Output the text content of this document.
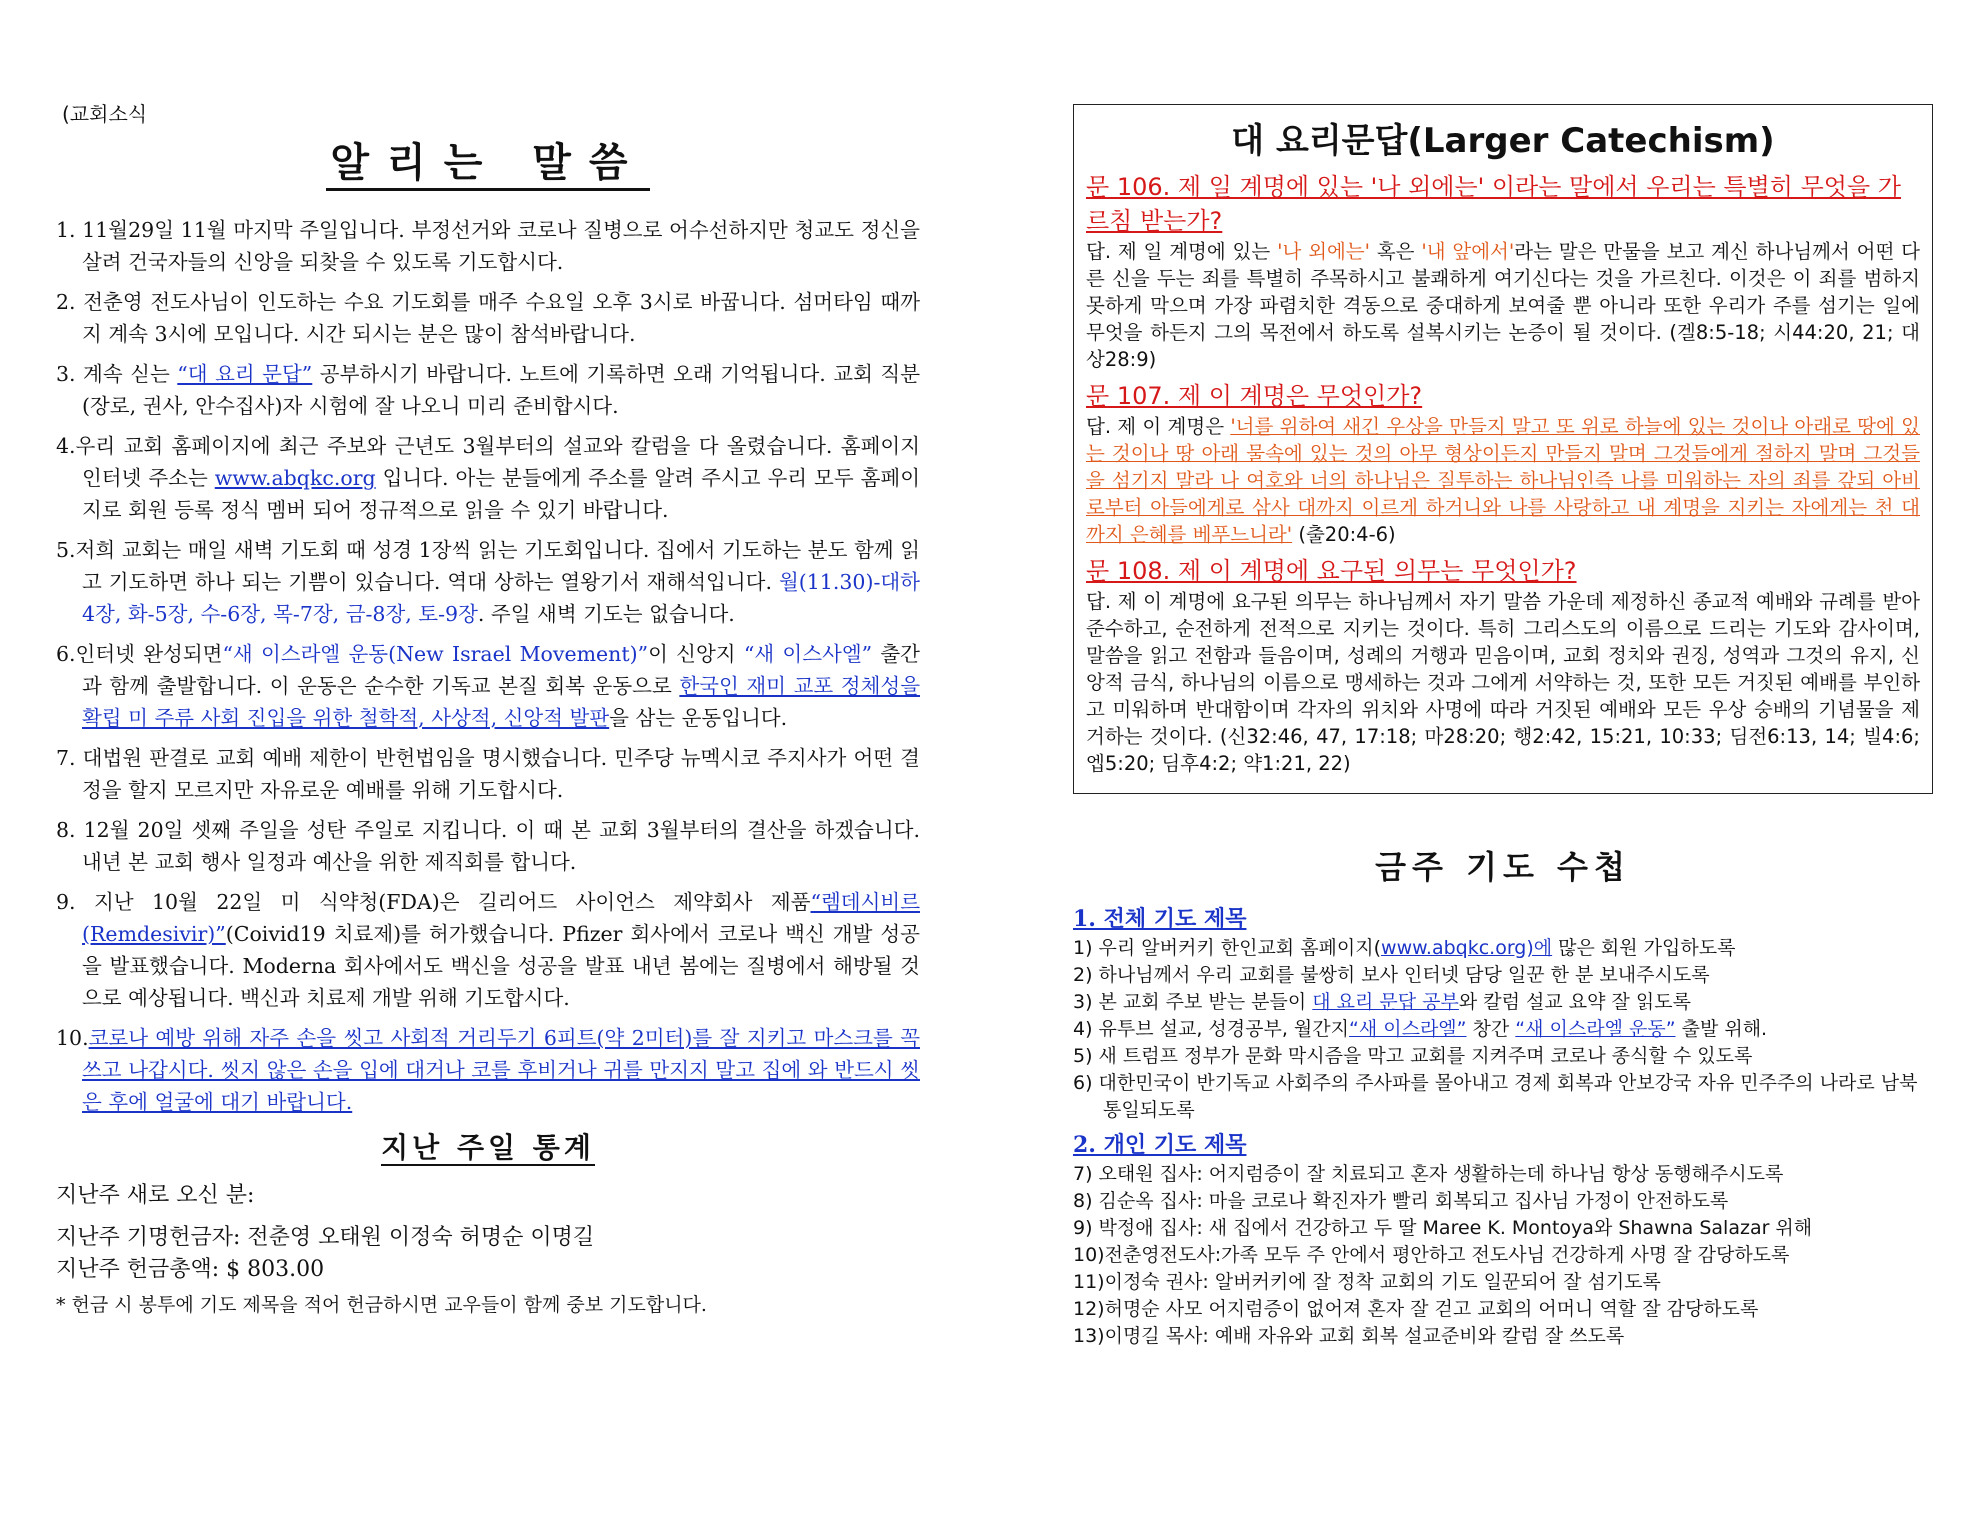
(교회소식
알리는 말씀

1. 11월29일 11월 마지막 주일입니다. 부정선거와 코로나 질병으로 어수선하지만 청교도 정신을 살려 건국자들의 신앙을 되찾을 수 있도록 기도합시다.

2. 전춘영 전도사님이 인도하는 수요 기도회를 매주 수요일 오후 3시로 바꿉니다. 섬머타임 때까지 계속 3시에 모입니다. 시간 되시는 분은 많이 참석바랍니다.

3. 계속 싣는 “대 요리 문답” 공부하시기 바랍니다. 노트에 기록하면 오래 기억됩니다. 교회 직분(장로, 권사, 안수집사)자 시험에 잘 나오니 미리 준비합시다.

4.우리 교회 홈페이지에 최근 주보와 근년도 3월부터의 설교와 칼럼을 다 올렸습니다. 홈페이지 인터넷 주소는 www.abqkc.org 입니다. 아는 분들에게 주소를 알려 주시고 우리 모두 홈페이지로 회원 등록 정식 멤버 되어 정규적으로 읽을 수 있기 바랍니다.

5.저희 교회는 매일 새벽 기도회 때 성경 1장씩 읽는 기도회입니다. 집에서 기도하는 분도 함께 읽고 기도하면 하나 되는 기쁨이 있습니다. 역대 상하는 열왕기서 재해석입니다. 월(11.30)-대하 4장, 화-5장, 수-6장, 목-7장, 금-8장, 토-9장. 주일 새벽 기도는 없습니다.

6.인터넷 완성되면“새 이스라엘 운동(New Israel Movement)”이 신앙지 “새 이스사엘” 출간과 함께 출발합니다. 이 운동은 순수한 기독교 본질 회복 운동으로 한국인 재미 교포 정체성을 확립 미 주류 사회 진입을 위한 철학적, 사상적, 신앙적 발판을 삼는 운동입니다.

7. 대법원 판결로 교회 예배 제한이 반헌법임을 명시했습니다. 민주당 뉴멕시코 주지사가 어떤 결정을 할지 모르지만 자유로운 예배를 위해 기도합시다.

8. 12월 20일 셋째 주일을 성탄 주일로 지킵니다. 이 때 본 교회 3월부터의 결산을 하겠습니다. 내년 본 교회 행사 일정과 예산을 위한 제직회를 합니다.

9. 지난 10월 22일 미 식약청(FDA)은 길리어드 사이언스 제약회사 제품“렘데시비르 (Remdesivir)”(Coivid19 치료제)를 허가했습니다. Pfizer 회사에서 코로나 백신 개발 성공을 발표했습니다. Moderna 회사에서도 백신을 성공을 발표 내년 봄에는 질병에서 해방될 것으로 예상됩니다. 백신과 치료제 개발 위해 기도합시다.

10.코로나 예방 위해 자주 손을 씻고 사회적 거리두기 6피트(약 2미터)를 잘 지키고 마스크를 꼭 쓰고 나갑시다. 씻지 않은 손을 입에 대거나 코를 후비거나 귀를 만지지 말고 집에 와 반드시 씻은 후에 얼굴에 대기 바랍니다.

지난 주일 통계

지난주 새로 오신 분:

지난주 기명헌금자: 전춘영 오태원 이정숙 허명순 이명길

지난주 헌금총액: $ 803.00

* 헌금 시 봉투에 기도 제목을 적어 헌금하시면 교우들이 함께 중보 기도합니다.

대 요리문답(Larger Catechism)

문 106. 제 일 계명에 있는 '나 외에는' 이라는 말에서 우리는 특별히 무엇을 가르침 받는가?

답. 제 일 계명에 있는 '나 외에는' 혹은 '내 앞에서'라는 말은 만물을 보고 계신 하나님께서 어떤 다른 신을 두는 죄를 특별히 주목하시고 불쾌하게 여기신다는 것을 가르친다. 이것은 이 죄를 범하지 못하게 막으며 가장 파렴치한 격동으로 중대하게 보여줄 뿐 아니라 또한 우리가 주를 섬기는 일에 무엇을 하든지 그의 목전에서 하도록 설복시키는 논증이 될 것이다. (겔8:5-18; 시44:20, 21; 대상28:9)

문 107. 제 이 계명은 무엇인가?

답. 제 이 계명은 '너를 위하여 새긴 우상을 만들지 말고 또 위로 하늘에 있는 것이나 아래로 땅에 있는 것이나 땅 아래 물속에 있는 것의 아무 형상이든지 만들지 말며 그것들에게 절하지 말며 그것들을 섬기지 말라 나 여호와 너의 하나님은 질투하는 하나님인즉 나를 미워하는 자의 죄를 갚되 아비로부터 아들에게로 삼사 대까지 이르게 하거니와 나를 사랑하고 내 계명을 지키는 자에게는 천 대까지 은혜를 베푸느니라' (출20:4-6)

문 108. 제 이 계명에 요구된 의무는 무엇인가?

답. 제 이 계명에 요구된 의무는 하나님께서 자기 말씀 가운데 제정하신 종교적 예배와 규례를 받아 준수하고, 순전하게 전적으로 지키는 것이다. 특히 그리스도의 이름으로 드리는 기도와 감사이며, 말씀을 읽고 전함과 들음이며, 성례의 거행과 믿음이며, 교회 정치와 권징, 성역과 그것의 유지, 신앙적 금식, 하나님의 이름으로 맹세하는 것과 그에게 서약하는 것, 또한 모든 거짓된 예배를 부인하고 미워하며 반대함이며 각자의 위치와 사명에 따라 거짓된 예배와 모든 우상 숭배의 기념물을 제거하는 것이다. (신32:46, 47, 17:18; 마28:20; 행2:42, 15:21, 10:33; 딤전6:13, 14; 빌4:6; 엡5:20; 딤후4:2; 약1:21, 22)

금주 기도 수첩
1. 전체 기도 제목

1) 우리 알버커키 한인교회 홈페이지(www.abqkc.org)에 많은 회원 가입하도록

2) 하나님께서 우리 교회를 불쌍히 보사 인터넷 담당 일꾼 한 분 보내주시도록

3) 본 교회 주보 받는 분들이 대 요리 문답 공부와 칼럼 설교 요약 잘 읽도록

4) 유투브 설교, 성경공부, 월간지“새 이스라엘” 창간 “새 이스라엘 운동” 출발 위해.

5) 새 트럼프 정부가 문화 막시즘을 막고 교회를 지켜주며 코로나 종식할 수 있도록

6) 대한민국이 반기독교 사회주의 주사파를 몰아내고 경제 회복과 안보강국 자유 민주주의 나라로 남북 통일되도록

2. 개인 기도 제목

7) 오태원 집사: 어지럼증이 잘 치료되고 혼자 생활하는데 하나님 항상 동행해주시도록

8) 김순옥 집사: 마을 코로나 확진자가 빨리 회복되고 집사님 가정이 안전하도록

9) 박정애 집사: 새 집에서 건강하고 두 딸 Maree K. Montoya와 Shawna Salazar 위해

10)전춘영전도사:가족 모두 주 안에서 평안하고 전도사님 건강하게 사명 잘 감당하도록

11)이정숙 권사: 알버커키에 잘 정착 교회의 기도 일꾼되어 잘 섬기도록

12)허명순 사모 어지럼증이 없어져 혼자 잘 걷고 교회의 어머니 역할 잘 감당하도록

13)이명길 목사: 예배 자유와 교회 회복 설교준비와 칼럼 잘 쓰도록
